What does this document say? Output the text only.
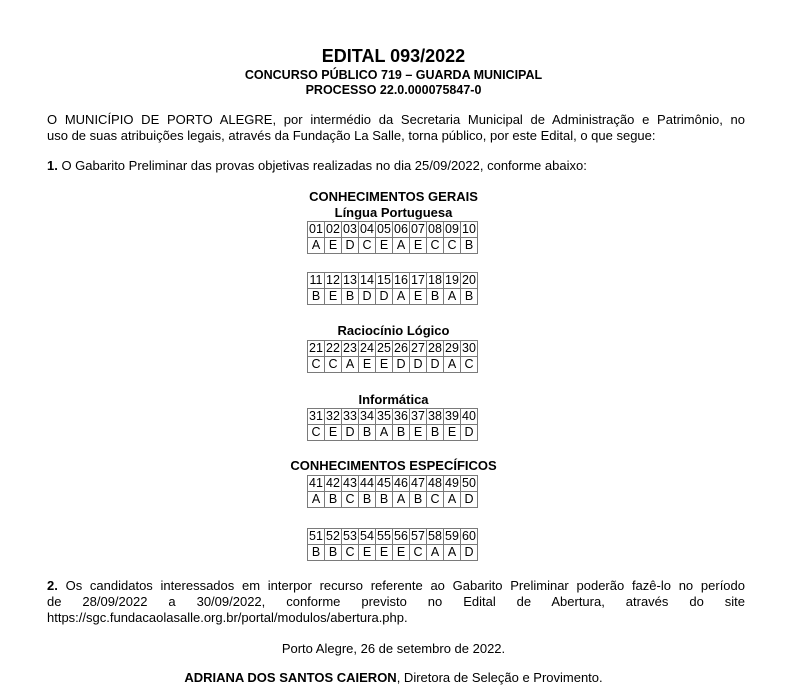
EDITAL 093/2022
CONCURSO PÚBLICO 719 – GUARDA MUNICIPAL
PROCESSO 22.0.000075847-0
O MUNICÍPIO DE PORTO ALEGRE, por intermédio da Secretaria Municipal de Administração e Patrimônio, no
uso de suas atribuições legais, através da Fundação La Salle, torna público, por este Edital, o que segue:
1. O Gabarito Preliminar das provas objetivas realizadas no dia 25/09/2022, conforme abaixo:
CONHECIMENTOS GERAIS
Língua Portuguesa
01	02	03	04	05	06	07	08	09	10
A	E	D	C	E	A	E	C	C	B
11	12	13	14	15	16	17	18	19	20
B	E	B	D	D	A	E	B	A	B
Raciocínio Lógico
21	22	23	24	25	26	27	28	29	30
C	C	A	E	E	D	D	D	A	C
Informática
31	32	33	34	35	36	37	38	39	40
C	E	D	B	A	B	E	B	E	D
CONHECIMENTOS ESPECÍFICOS
41	42	43	44	45	46	47	48	49	50
A	B	C	B	B	A	B	C	A	D
51	52	53	54	55	56	57	58	59	60
B	B	C	E	E	E	C	A	A	D
2. Os candidatos interessados em interpor recurso referente ao Gabarito Preliminar poderão fazê-lo no período
de 28/09/2022 a 30/09/2022, conforme previsto no Edital de Abertura, através do site
https://sgc.fundacaolasalle.org.br/portal/modulos/abertura.php.
Porto Alegre, 26 de setembro de 2022.
ADRIANA DOS SANTOS CAIERON, Diretora de Seleção e Provimento.
